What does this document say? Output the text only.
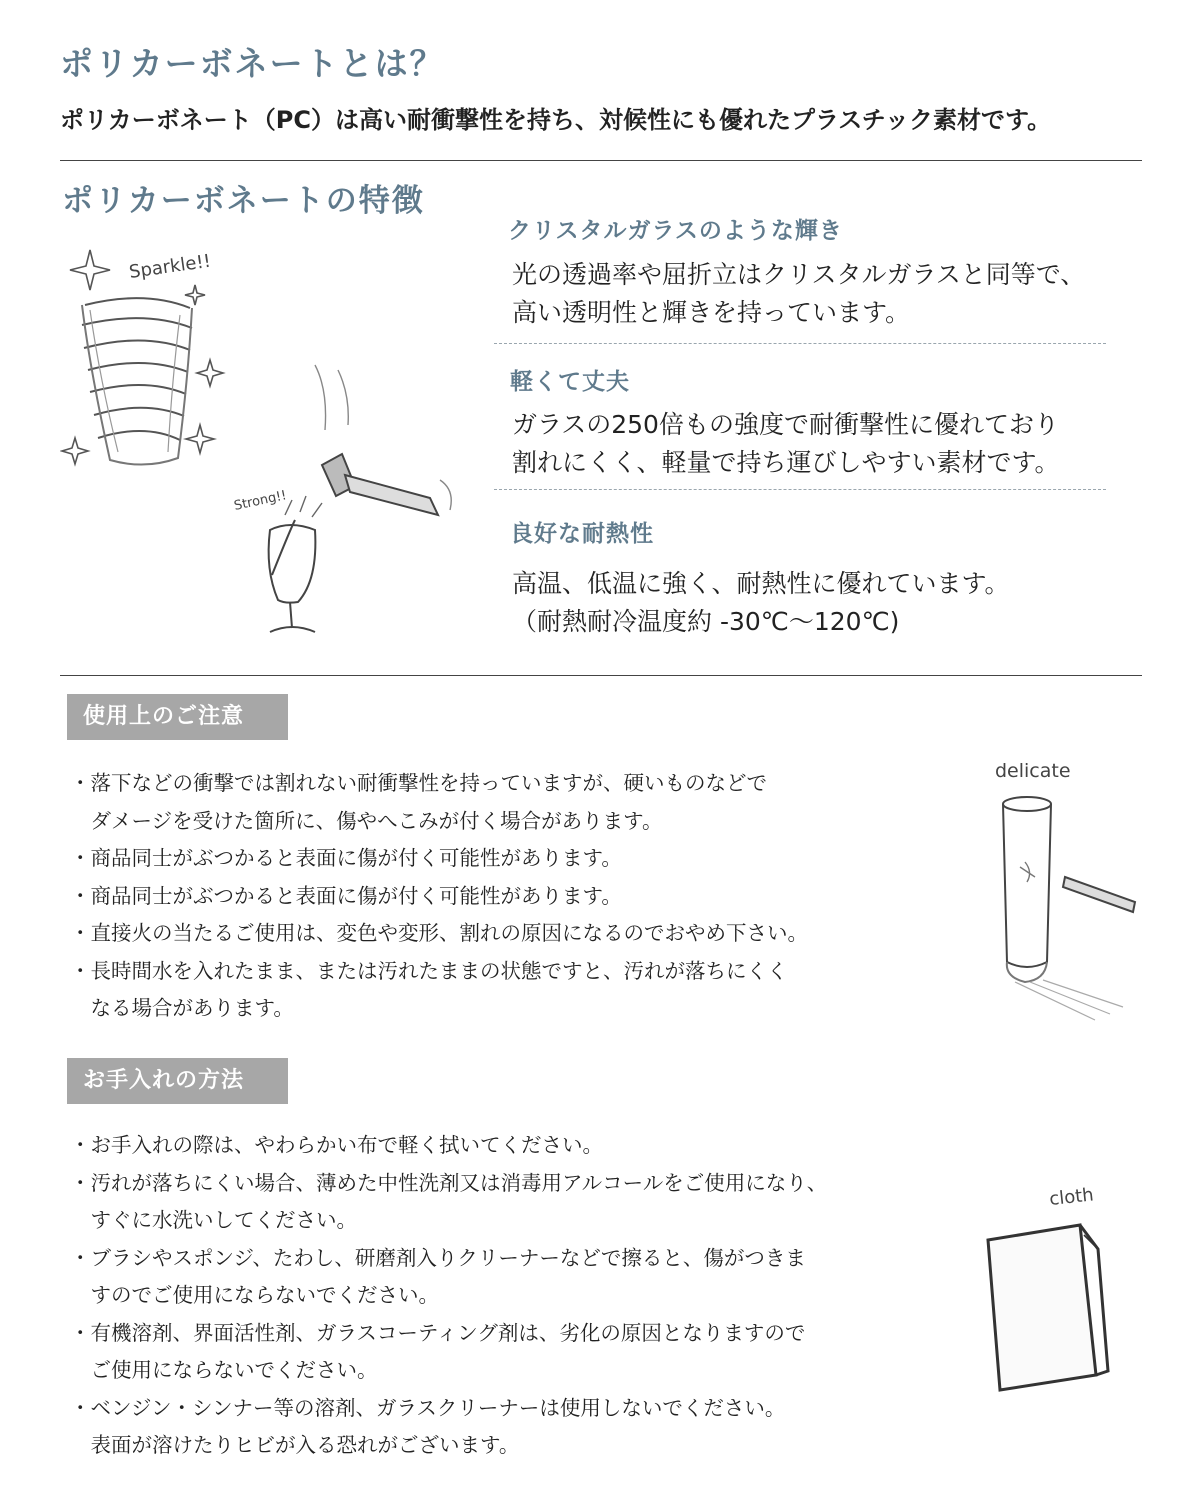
ポリカーボネートとは？
ポリカーボネート（PC）は高い耐衝撃性を持ち、対候性にも優れたプラスチック素材です。
ポリカーボネートの特徴
Sparkle!!
Strong!!
クリスタルガラスのような輝き
光の透過率や屈折立はクリスタルガラスと同等で、
高い透明性と輝きを持っています。
軽くて丈夫
ガラスの250倍もの強度で耐衝撃性に優れており
割れにくく、軽量で持ち運びしやすい素材です。
良好な耐熱性
高温、低温に強く、耐熱性に優れています。
（耐熱耐冷温度約 -30℃〜120℃)
使用上のご注意
・落下などの衝撃では割れない耐衝撃性を持っていますが、硬いものなどで
　ダメージを受けた箇所に、傷やへこみが付く場合があります。
・商品同士がぶつかると表面に傷が付く可能性があります。
・商品同士がぶつかると表面に傷が付く可能性があります。
・直接火の当たるご使用は、変色や変形、割れの原因になるのでおやめ下さい。
・長時間水を入れたまま、または汚れたままの状態ですと、汚れが落ちにくく
　なる場合があります。
delicate
お手入れの方法
・お手入れの際は、やわらかい布で軽く拭いてください。
・汚れが落ちにくい場合、薄めた中性洗剤又は消毒用アルコールをご使用になり、
　すぐに水洗いしてください。
・ブラシやスポンジ、たわし、研磨剤入りクリーナーなどで擦ると、傷がつきま
　すのでご使用にならないでください。
・有機溶剤、界面活性剤、ガラスコーティング剤は、劣化の原因となりますので
　ご使用にならないでください。
・ベンジン・シンナー等の溶剤、ガラスクリーナーは使用しないでください。
　表面が溶けたりヒビが入る恐れがございます。
cloth
